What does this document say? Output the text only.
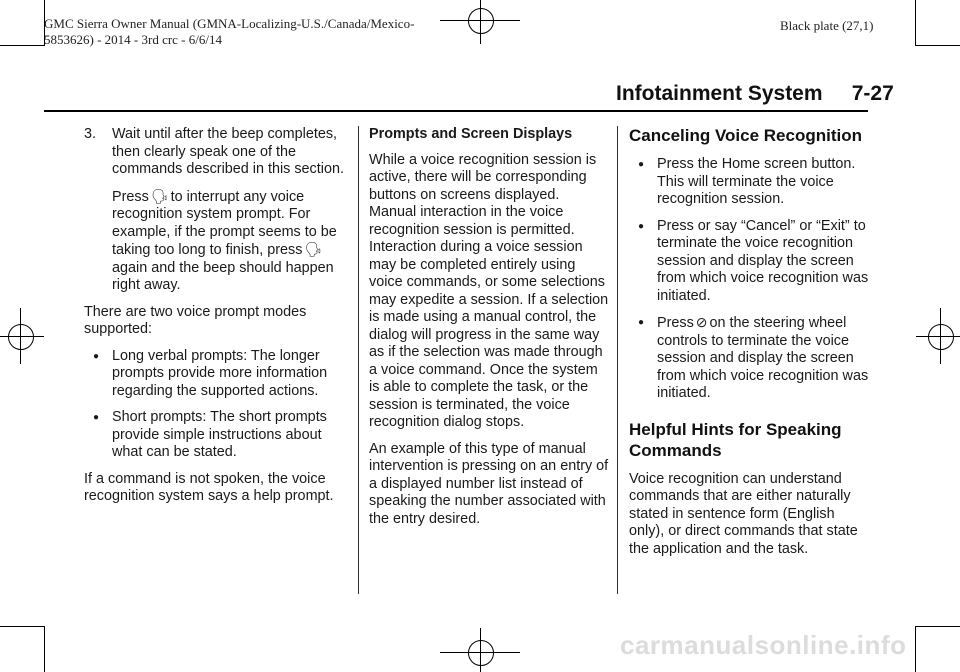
GMC Sierra Owner Manual (GMNA-Localizing-U.S./Canada/Mexico-
5853626) - 2014 - 3rd crc - 6/6/14
Black plate (27,1)
Infotainment System 7-27
3. Wait until after the beep completes, then clearly speak one of the commands described in this section.

Press 🗣︎ to interrupt any voice recognition system prompt. For example, if the prompt seems to be taking too long to finish, press 🗣︎again and the beep should happen right away.

There are two voice prompt modes supported:

● Long verbal prompts: The longer prompts provide more information regarding the supported actions.
● Short prompts: The short prompts provide simple instructions about what can be stated.

If a command is not spoken, the voice recognition system says a help prompt.

Prompts and Screen Displays

While a voice recognition session is active, there will be corresponding buttons on screens displayed. Manual interaction in the voice recognition session is permitted. Interaction during a voice session may be completed entirely using voice commands, or some selections may expedite a session. If a selection is made using a manual control, the dialog will progress in the same way as if the selection was made through a voice command. Once the system is able to complete the task, or the session is terminated, the voice recognition dialog stops.

An example of this type of manual intervention is pressing on an entry of a displayed number list instead of speaking the number associated with the entry desired.

Canceling Voice Recognition
● Press the Home screen button. This will terminate the voice recognition session.
● Press or say “Cancel” or “Exit” to terminate the voice recognition session and display the screen from which voice recognition was initiated.
● Press ⊘ on the steering wheel controls to terminate the voice session and display the screen from which voice recognition was initiated.
Helpful Hints for Speaking Commands

Voice recognition can understand commands that are either naturally stated in sentence form (English only), or direct commands that state the application and the task.

carmanualsonline.info
